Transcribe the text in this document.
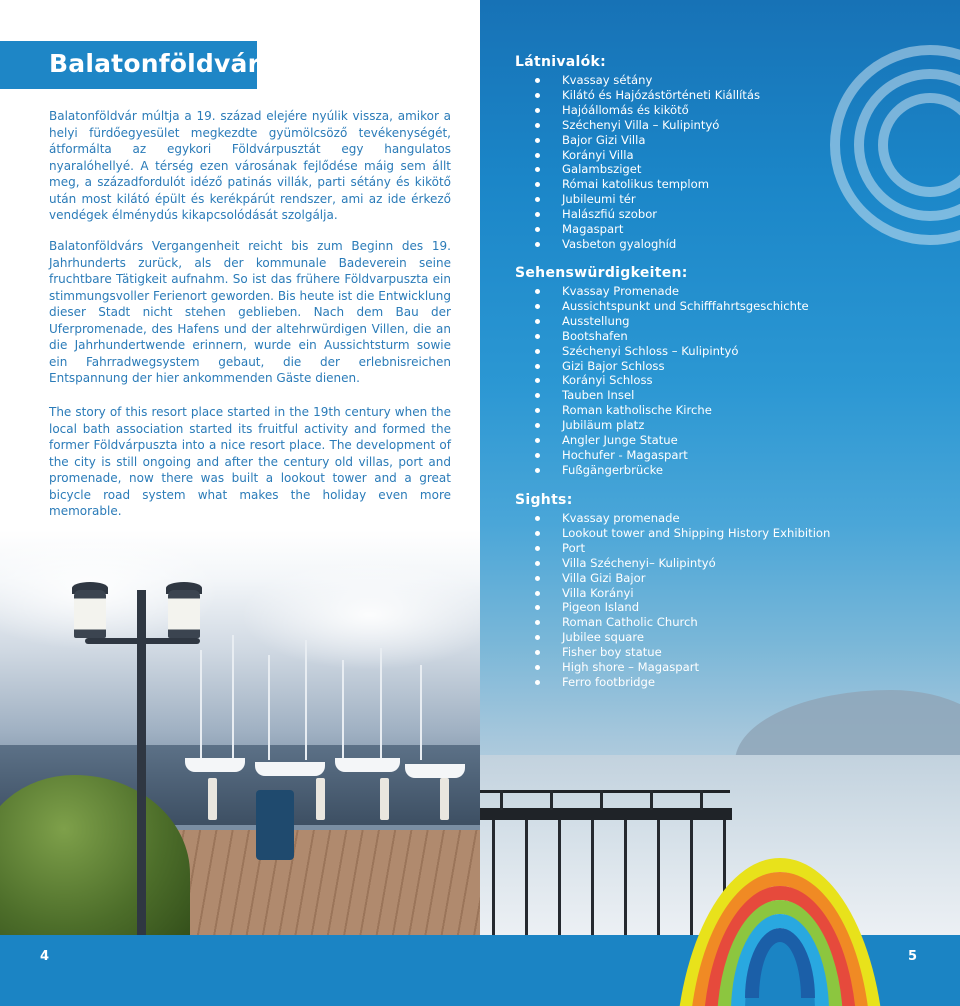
Balatonföldvár

Balatonföldvár múltja a 19. század elejére nyúlik vissza, amikor a helyi fürdőegyesület megkezdte gyümölcsöző tevékenységét, átformálta az egykori Földvárpusztát egy hangulatos nyaralóhellyé. A térség ezen városának fejlődése máig sem állt meg, a századfordulót idéző patinás villák, parti sétány és kikötő után most kilátó épült és kerékpárút rendszer, ami az ide érkező vendégek élménydús kikapcsolódását szolgálja.

Balatonföldvárs Vergangenheit reicht bis zum Beginn des 19. Jahrhunderts zurück, als der kommunale Badeverein seine fruchtbare Tätigkeit aufnahm. So ist das frühere Földvarpuszta ein stimmungsvoller Ferienort geworden. Bis heute ist die Entwicklung dieser Stadt nicht stehen geblieben. Nach dem Bau der Uferpromenade, des Hafens und der altehrwürdigen Villen, die an die Jahrhundertwende erinnern, wurde ein Aussichtsturm sowie ein Fahrradwegsystem gebaut, die der erlebnisreichen Entspannung der hier ankommenden Gäste dienen.

The story of this resort place started in the 19th century when the local bath association started its fruitful activity and formed the former Földvárpuszta into a nice resort place. The development of the city is still ongoing and after the century old villas, port and promenade, now there was built a lookout tower and a great bicycle road system what makes the holiday even more memorable.

4	5
Látnivalók:
Kvassay sétány
Kilátó és Hajózástörténeti Kiállítás
Hajóállomás és kikötő
Széchenyi Villa – Kulipintyó
Bajor Gizi Villa
Korányi Villa
Galambsziget
Római katolikus templom
Jubileumi tér
Halászfiú szobor
Magaspart
Vasbeton gyaloghíd
Sehenswürdigkeiten:
Kvassay Promenade
Aussichtspunkt und Schifffahrtsgeschichte
Ausstellung
Bootshafen
Széchenyi Schloss – Kulipintyó
Gizi Bajor Schloss
Korányi Schloss
Tauben Insel
Roman katholische Kirche
Jubiläum platz
Angler Junge Statue
Hochufer - Magaspart
Fußgängerbrücke
Sights:
Kvassay promenade
Lookout tower and Shipping History Exhibition
Port
Villa Széchenyi– Kulipintyó
Villa Gizi Bajor
Villa Korányi
Pigeon Island
Roman Catholic Church
Jubilee square
Fisher boy statue
High shore – Magaspart
Ferro footbridge
